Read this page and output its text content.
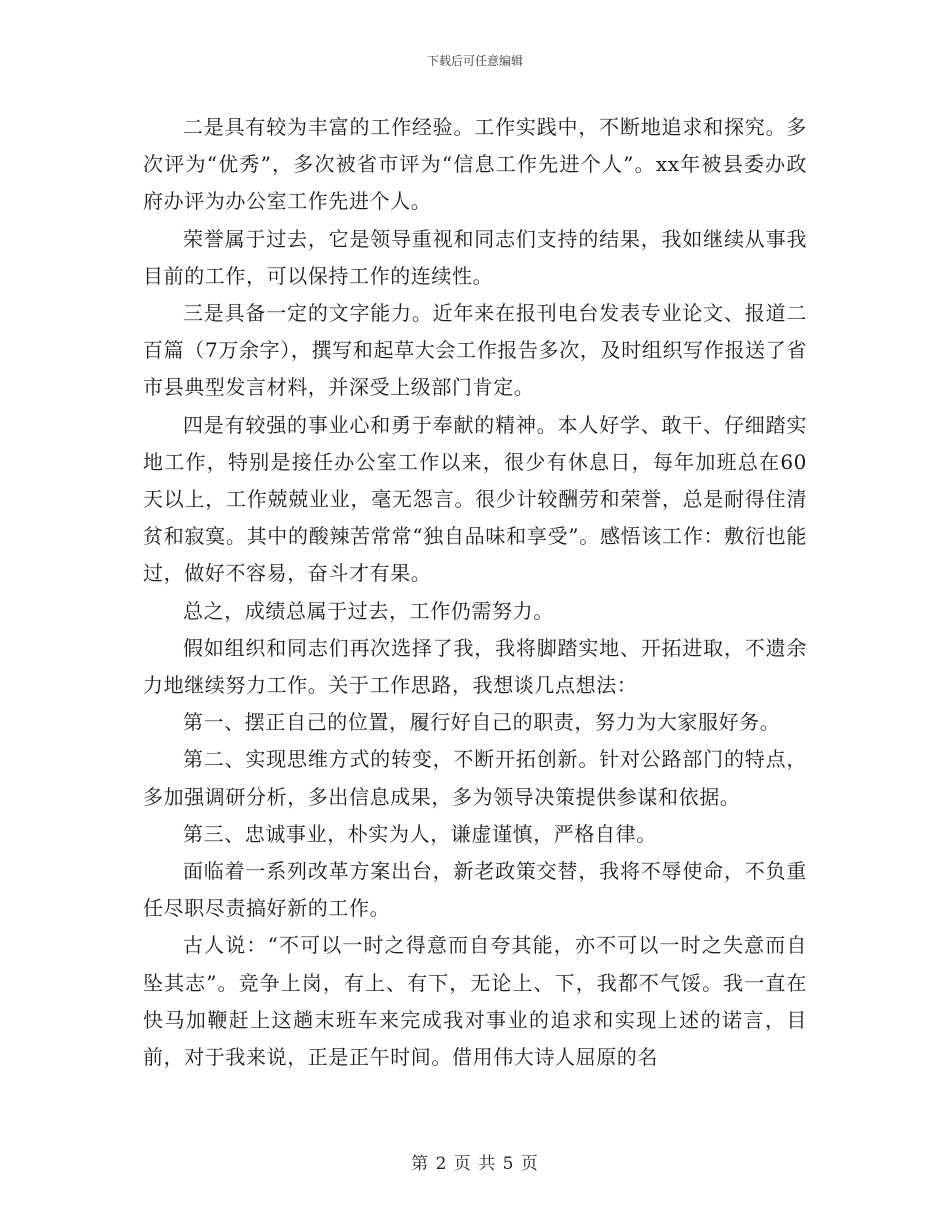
下载后可任意编辑

二是具有较为丰富的工作经验。工作实践中，不断地追求和探究。多次评为“优秀”，多次被省市评为“信息工作先进个人”。xx年被县委办政府办评为办公室工作先进个人。

荣誉属于过去，它是领导重视和同志们支持的结果，我如继续从事我目前的工作，可以保持工作的连续性。

三是具备一定的文字能力。近年来在报刊电台发表专业论文、报道二百篇（7万余字），撰写和起草大会工作报告多次，及时组织写作报送了省市县典型发言材料，并深受上级部门肯定。

四是有较强的事业心和勇于奉献的精神。本人好学、敢干、仔细踏实地工作，特别是接任办公室工作以来，很少有休息日，每年加班总在60天以上，工作兢兢业业，毫无怨言。很少计较酬劳和荣誉，总是耐得住清贫和寂寞。其中的酸辣苦常常“独自品味和享受”。感悟该工作：敷衍也能过，做好不容易，奋斗才有果。

总之，成绩总属于过去，工作仍需努力。

假如组织和同志们再次选择了我，我将脚踏实地、开拓进取，不遗余力地继续努力工作。关于工作思路，我想谈几点想法：

第一、摆正自己的位置，履行好自己的职责，努力为大家服好务。

第二、实现思维方式的转变，不断开拓创新。针对公路部门的特点，多加强调研分析，多出信息成果，多为领导决策提供参谋和依据。

第三、忠诚事业，朴实为人，谦虚谨慎，严格自律。

面临着一系列改革方案出台，新老政策交替，我将不辱使命，不负重任尽职尽责搞好新的工作。

古人说：“不可以一时之得意而自夸其能，亦不可以一时之失意而自坠其志”。竞争上岗，有上、有下，无论上、下，我都不气馁。我一直在快马加鞭赶上这趟末班车来完成我对事业的追求和实现上述的诺言，目前，对于我来说，正是正午时间。借用伟大诗人屈原的名

第 2 页 共 5 页
